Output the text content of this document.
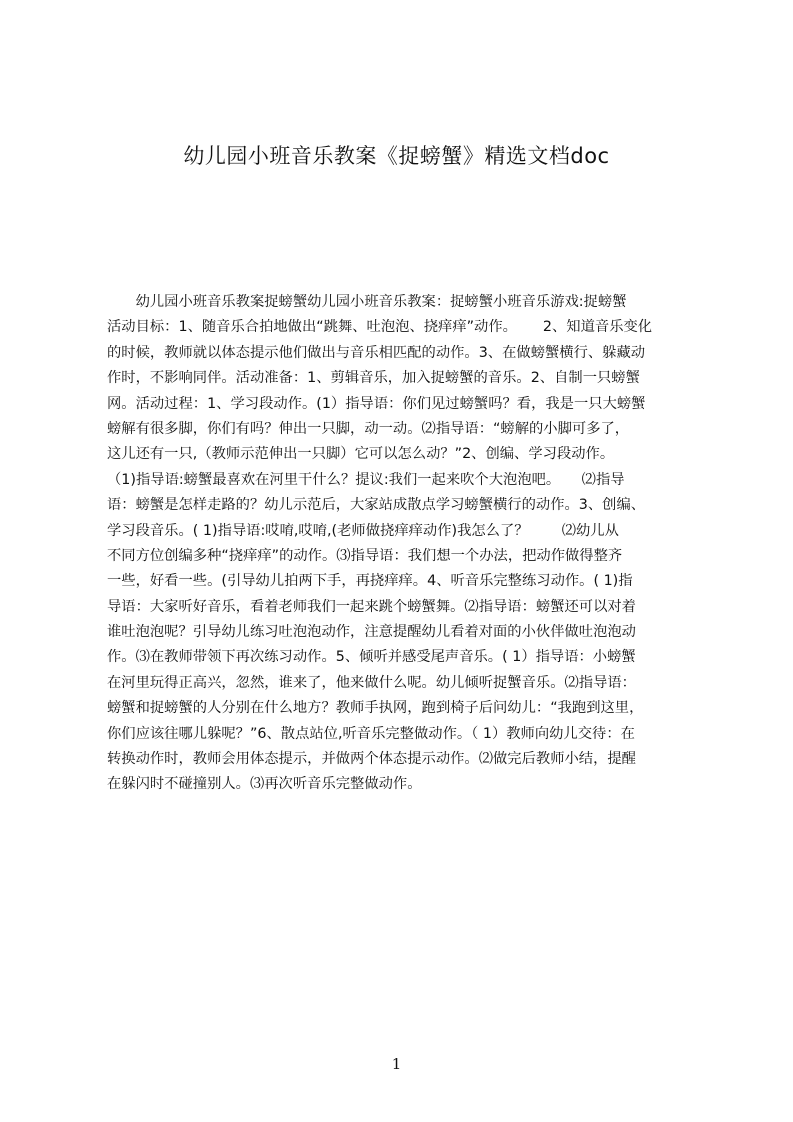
幼儿园小班音乐教案《捉螃蟹》精选文档doc
　　幼儿园小班音乐教案捉螃蟹幼儿园小班音乐教案：捉螃蟹小班音乐游戏:捉螃蟹
活动目标：1、随音乐合拍地做出“跳舞、吐泡泡、挠痒痒”动作。　　 2、知道音乐变化
的时候，教师就以体态提示他们做出与音乐相匹配的动作。3、在做螃蟹横行、躲藏动
作时，不影响同伴。活动准备：1、剪辑音乐，加入捉螃蟹的音乐。2、自制一只螃蟹
网。活动过程：1、学习段动作。(1）指导语：你们见过螃蟹吗？看，我是一只大螃蟹
螃解有很多脚，你们有吗？伸出一只脚，动一动。⑵指导语：“螃解的小脚可多了，
这儿还有一只,（教师示范伸出一只脚）它可以怎么动？”2、创编、学习段动作。
（1)指导语:螃蟹最喜欢在河里干什么？提议:我们一起来吹个大泡泡吧。　　⑵指导
语：螃蟹是怎样走路的？幼儿示范后，大家站成散点学习螃蟹横行的动作。3、创编、
学习段音乐。( 1)指导语:哎唷,哎唷,(老师做挠痒痒动作)我怎么了？　　 ⑵幼儿从
不同方位创编多种“挠痒痒”的动作。⑶指导语：我们想一个办法，把动作做得整齐
一些，好看一些。(引导幼儿拍两下手，再挠痒痒。4、听音乐完整练习动作。( 1)指
导语：大家听好音乐，看着老师我们一起来跳个螃蟹舞。⑵指导语：螃蟹还可以对着
谁吐泡泡呢？引导幼儿练习吐泡泡动作，注意提醒幼儿看着对面的小伙伴做吐泡泡动
作。⑶在教师带领下再次练习动作。5、倾听并感受尾声音乐。( 1）指导语：小螃蟹
在河里玩得正高兴，忽然，谁来了，他来做什么呢。幼儿倾听捉蟹音乐。⑵指导语：
螃蟹和捉螃蟹的人分别在什么地方？教师手执网，跑到椅子后问幼儿：“我跑到这里，
你们应该往哪儿躲呢？”6、散点站位,听音乐完整做动作。（ 1）教师向幼儿交待：在
转换动作时，教师会用体态提示，并做两个体态提示动作。⑵做完后教师小结，提醒
在躲闪时不碰撞别人。⑶再次听音乐完整做动作。
1
